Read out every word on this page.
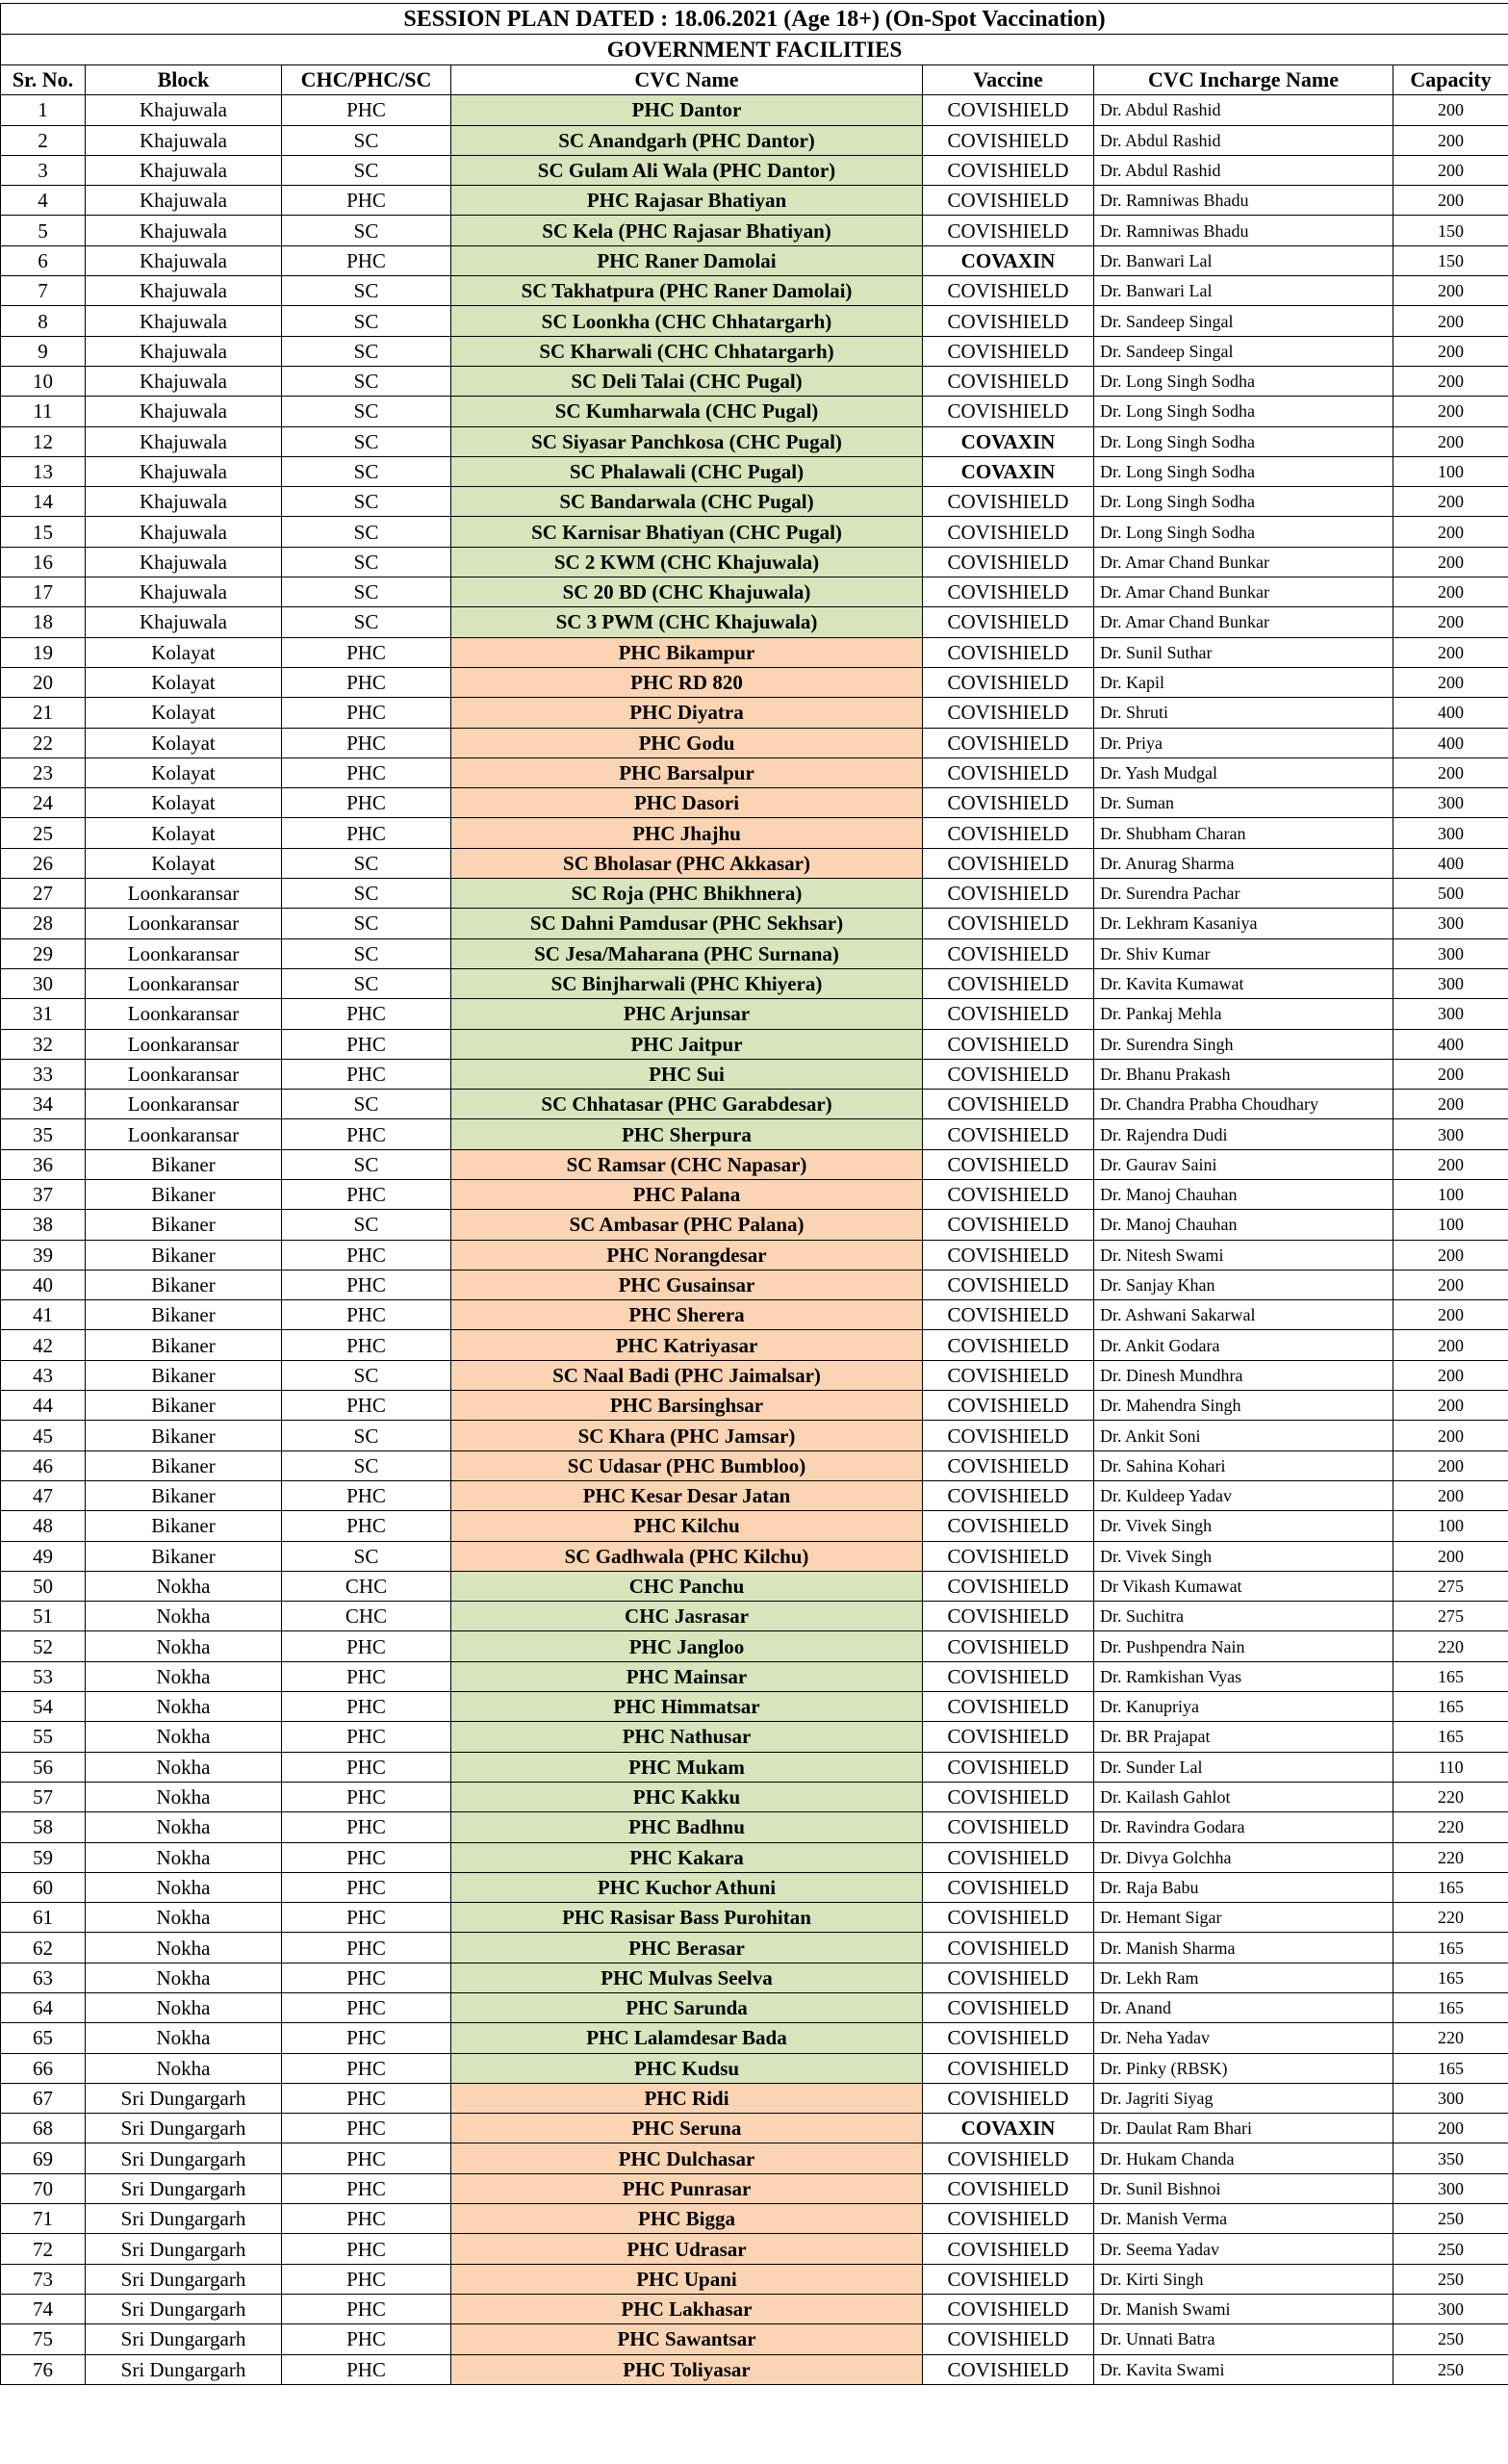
SESSION PLAN DATED : 18.06.2021 (Age 18+) (On-Spot Vaccination)						
GOVERNMENT FACILITIES						
Sr. No.	Block	CHC/PHC/SC	CVC Name	Vaccine	CVC Incharge Name	Capacity
1	Khajuwala	PHC	PHC Dantor	COVISHIELD	Dr. Abdul Rashid	200
2	Khajuwala	SC	SC Anandgarh (PHC Dantor)	COVISHIELD	Dr. Abdul Rashid	200
3	Khajuwala	SC	SC Gulam Ali Wala (PHC Dantor)	COVISHIELD	Dr. Abdul Rashid	200
4	Khajuwala	PHC	PHC Rajasar Bhatiyan	COVISHIELD	Dr. Ramniwas Bhadu	200
5	Khajuwala	SC	SC Kela (PHC Rajasar Bhatiyan)	COVISHIELD	Dr. Ramniwas Bhadu	150
6	Khajuwala	PHC	PHC Raner Damolai	COVAXIN	Dr. Banwari Lal	150
7	Khajuwala	SC	SC Takhatpura (PHC Raner Damolai)	COVISHIELD	Dr. Banwari Lal	200
8	Khajuwala	SC	SC Loonkha (CHC Chhatargarh)	COVISHIELD	Dr. Sandeep Singal	200
9	Khajuwala	SC	SC Kharwali (CHC Chhatargarh)	COVISHIELD	Dr. Sandeep Singal	200
10	Khajuwala	SC	SC Deli Talai (CHC Pugal)	COVISHIELD	Dr. Long Singh Sodha	200
11	Khajuwala	SC	SC Kumharwala (CHC Pugal)	COVISHIELD	Dr. Long Singh Sodha	200
12	Khajuwala	SC	SC Siyasar Panchkosa (CHC Pugal)	COVAXIN	Dr. Long Singh Sodha	200
13	Khajuwala	SC	SC Phalawali (CHC Pugal)	COVAXIN	Dr. Long Singh Sodha	100
14	Khajuwala	SC	SC Bandarwala (CHC Pugal)	COVISHIELD	Dr. Long Singh Sodha	200
15	Khajuwala	SC	SC Karnisar Bhatiyan (CHC Pugal)	COVISHIELD	Dr. Long Singh Sodha	200
16	Khajuwala	SC	SC 2 KWM (CHC Khajuwala)	COVISHIELD	Dr. Amar Chand Bunkar	200
17	Khajuwala	SC	SC 20 BD (CHC Khajuwala)	COVISHIELD	Dr. Amar Chand Bunkar	200
18	Khajuwala	SC	SC 3 PWM (CHC Khajuwala)	COVISHIELD	Dr. Amar Chand Bunkar	200
19	Kolayat	PHC	PHC Bikampur	COVISHIELD	Dr. Sunil Suthar	200
20	Kolayat	PHC	PHC RD 820	COVISHIELD	Dr. Kapil	200
21	Kolayat	PHC	PHC Diyatra	COVISHIELD	Dr. Shruti	400
22	Kolayat	PHC	PHC Godu	COVISHIELD	Dr. Priya	400
23	Kolayat	PHC	PHC Barsalpur	COVISHIELD	Dr. Yash Mudgal	200
24	Kolayat	PHC	PHC Dasori	COVISHIELD	Dr. Suman	300
25	Kolayat	PHC	PHC Jhajhu	COVISHIELD	Dr. Shubham Charan	300
26	Kolayat	SC	SC Bholasar (PHC Akkasar)	COVISHIELD	Dr. Anurag Sharma	400
27	Loonkaransar	SC	SC Roja (PHC Bhikhnera)	COVISHIELD	Dr. Surendra Pachar	500
28	Loonkaransar	SC	SC Dahni Pamdusar (PHC Sekhsar)	COVISHIELD	Dr. Lekhram Kasaniya	300
29	Loonkaransar	SC	SC Jesa/Maharana (PHC Surnana)	COVISHIELD	Dr. Shiv Kumar	300
30	Loonkaransar	SC	SC Binjharwali (PHC Khiyera)	COVISHIELD	Dr. Kavita Kumawat	300
31	Loonkaransar	PHC	PHC Arjunsar	COVISHIELD	Dr. Pankaj Mehla	300
32	Loonkaransar	PHC	PHC Jaitpur	COVISHIELD	Dr. Surendra Singh	400
33	Loonkaransar	PHC	PHC Sui	COVISHIELD	Dr. Bhanu Prakash	200
34	Loonkaransar	SC	SC Chhatasar (PHC Garabdesar)	COVISHIELD	Dr. Chandra Prabha Choudhary	200
35	Loonkaransar	PHC	PHC Sherpura	COVISHIELD	Dr. Rajendra Dudi	300
36	Bikaner	SC	SC Ramsar (CHC Napasar)	COVISHIELD	Dr. Gaurav Saini	200
37	Bikaner	PHC	PHC Palana	COVISHIELD	Dr. Manoj Chauhan	100
38	Bikaner	SC	SC Ambasar (PHC Palana)	COVISHIELD	Dr. Manoj Chauhan	100
39	Bikaner	PHC	PHC Norangdesar	COVISHIELD	Dr. Nitesh Swami	200
40	Bikaner	PHC	PHC Gusainsar	COVISHIELD	Dr. Sanjay Khan	200
41	Bikaner	PHC	PHC Sherera	COVISHIELD	Dr. Ashwani Sakarwal	200
42	Bikaner	PHC	PHC Katriyasar	COVISHIELD	Dr. Ankit Godara	200
43	Bikaner	SC	SC Naal Badi (PHC Jaimalsar)	COVISHIELD	Dr. Dinesh Mundhra	200
44	Bikaner	PHC	PHC Barsinghsar	COVISHIELD	Dr. Mahendra Singh	200
45	Bikaner	SC	SC Khara (PHC Jamsar)	COVISHIELD	Dr. Ankit Soni	200
46	Bikaner	SC	SC Udasar (PHC Bumbloo)	COVISHIELD	Dr. Sahina Kohari	200
47	Bikaner	PHC	PHC Kesar Desar Jatan	COVISHIELD	Dr. Kuldeep Yadav	200
48	Bikaner	PHC	PHC Kilchu	COVISHIELD	Dr. Vivek Singh	100
49	Bikaner	SC	SC Gadhwala (PHC Kilchu)	COVISHIELD	Dr. Vivek Singh	200
50	Nokha	CHC	CHC Panchu	COVISHIELD	Dr Vikash Kumawat	275
51	Nokha	CHC	CHC Jasrasar	COVISHIELD	Dr. Suchitra	275
52	Nokha	PHC	PHC Jangloo	COVISHIELD	Dr. Pushpendra Nain	220
53	Nokha	PHC	PHC Mainsar	COVISHIELD	Dr. Ramkishan Vyas	165
54	Nokha	PHC	PHC Himmatsar	COVISHIELD	Dr. Kanupriya	165
55	Nokha	PHC	PHC Nathusar	COVISHIELD	Dr. BR Prajapat	165
56	Nokha	PHC	PHC Mukam	COVISHIELD	Dr. Sunder Lal	110
57	Nokha	PHC	PHC Kakku	COVISHIELD	Dr. Kailash Gahlot	220
58	Nokha	PHC	PHC Badhnu	COVISHIELD	Dr. Ravindra Godara	220
59	Nokha	PHC	PHC Kakara	COVISHIELD	Dr. Divya Golchha	220
60	Nokha	PHC	PHC Kuchor Athuni	COVISHIELD	Dr. Raja Babu	165
61	Nokha	PHC	PHC Rasisar Bass Purohitan	COVISHIELD	Dr. Hemant Sigar	220
62	Nokha	PHC	PHC Berasar	COVISHIELD	Dr. Manish Sharma	165
63	Nokha	PHC	PHC Mulvas Seelva	COVISHIELD	Dr. Lekh Ram	165
64	Nokha	PHC	PHC Sarunda	COVISHIELD	Dr. Anand	165
65	Nokha	PHC	PHC Lalamdesar Bada	COVISHIELD	Dr. Neha Yadav	220
66	Nokha	PHC	PHC Kudsu	COVISHIELD	Dr. Pinky (RBSK)	165
67	Sri Dungargarh	PHC	PHC Ridi	COVISHIELD	Dr. Jagriti Siyag	300
68	Sri Dungargarh	PHC	PHC Seruna	COVAXIN	Dr. Daulat Ram Bhari	200
69	Sri Dungargarh	PHC	PHC Dulchasar	COVISHIELD	Dr. Hukam Chanda	350
70	Sri Dungargarh	PHC	PHC Punrasar	COVISHIELD	Dr. Sunil Bishnoi	300
71	Sri Dungargarh	PHC	PHC Bigga	COVISHIELD	Dr. Manish Verma	250
72	Sri Dungargarh	PHC	PHC Udrasar	COVISHIELD	Dr. Seema Yadav	250
73	Sri Dungargarh	PHC	PHC Upani	COVISHIELD	Dr. Kirti Singh	250
74	Sri Dungargarh	PHC	PHC Lakhasar	COVISHIELD	Dr. Manish Swami	300
75	Sri Dungargarh	PHC	PHC Sawantsar	COVISHIELD	Dr. Unnati Batra	250
76	Sri Dungargarh	PHC	PHC Toliyasar	COVISHIELD	Dr. Kavita Swami	250
